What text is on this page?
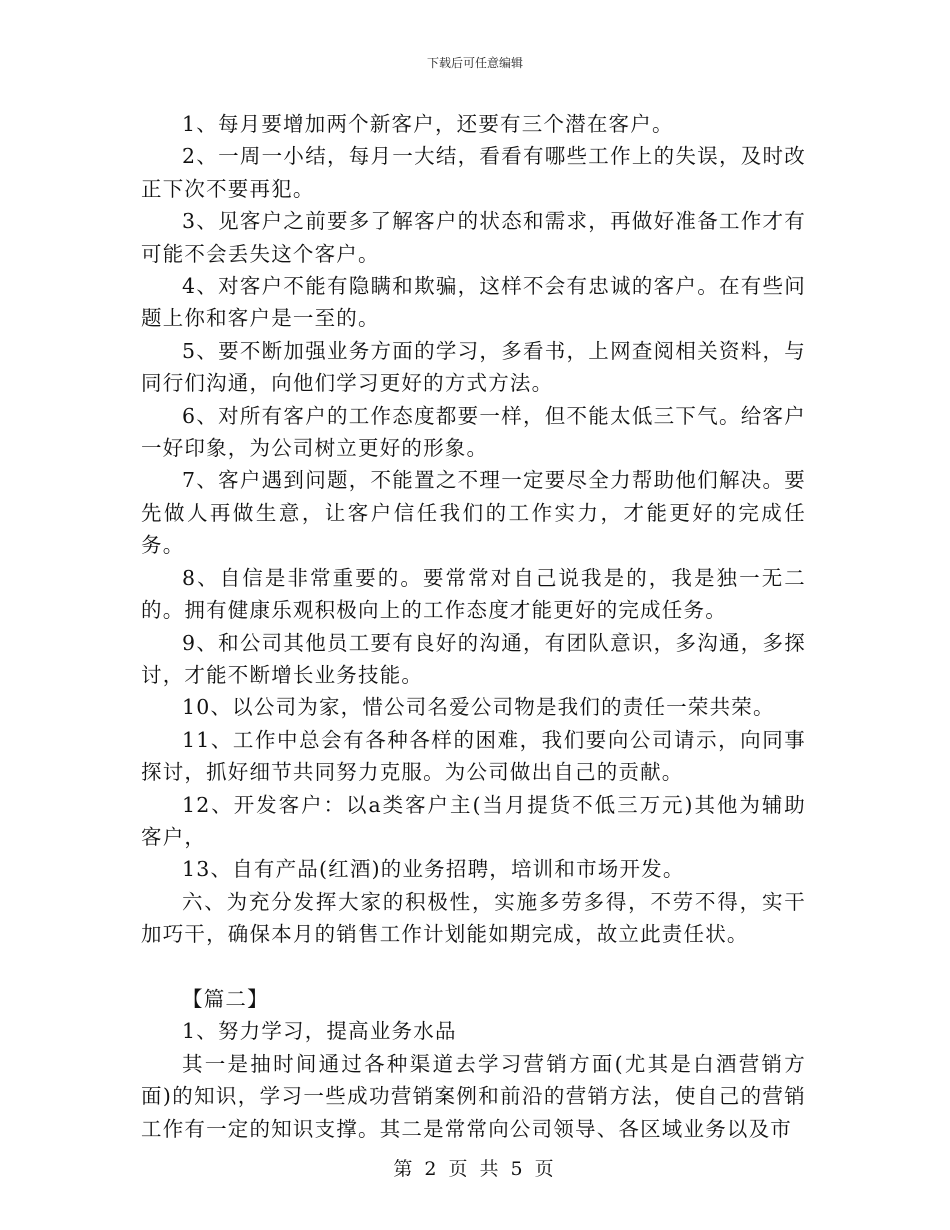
下载后可任意编辑

1、每月要增加两个新客户，还要有三个潜在客户。

2、一周一小结，每月一大结，看看有哪些工作上的失误，及时改正下次不要再犯。

3、见客户之前要多了解客户的状态和需求，再做好准备工作才有可能不会丢失这个客户。

4、对客户不能有隐瞒和欺骗，这样不会有忠诚的客户。在有些问题上你和客户是一至的。

5、要不断加强业务方面的学习，多看书，上网查阅相关资料，与同行们沟通，向他们学习更好的方式方法。

6、对所有客户的工作态度都要一样，但不能太低三下气。给客户一好印象，为公司树立更好的形象。

7、客户遇到问题，不能置之不理一定要尽全力帮助他们解决。要先做人再做生意，让客户信任我们的工作实力，才能更好的完成任务。

8、自信是非常重要的。要常常对自己说我是的，我是独一无二的。拥有健康乐观积极向上的工作态度才能更好的完成任务。

9、和公司其他员工要有良好的沟通，有团队意识，多沟通，多探讨，才能不断增长业务技能。

10、以公司为家，惜公司名爱公司物是我们的责任一荣共荣。

11、工作中总会有各种各样的困难，我们要向公司请示，向同事探讨，抓好细节共同努力克服。为公司做出自己的贡献。

12、开发客户：以a类客户主(当月提货不低三万元)其他为辅助客户，

13、自有产品(红酒)的业务招聘，培训和市场开发。

六、为充分发挥大家的积极性，实施多劳多得，不劳不得，实干加巧干，确保本月的销售工作计划能如期完成，故立此责任状。

【篇二】

1、努力学习，提高业务水品

其一是抽时间通过各种渠道去学习营销方面(尤其是白酒营销方面)的知识，学习一些成功营销案例和前沿的营销方法，使自己的营销工作有一定的知识支撑。其二是常常向公司领导、各区域业务以及市

第 2 页 共 5 页
